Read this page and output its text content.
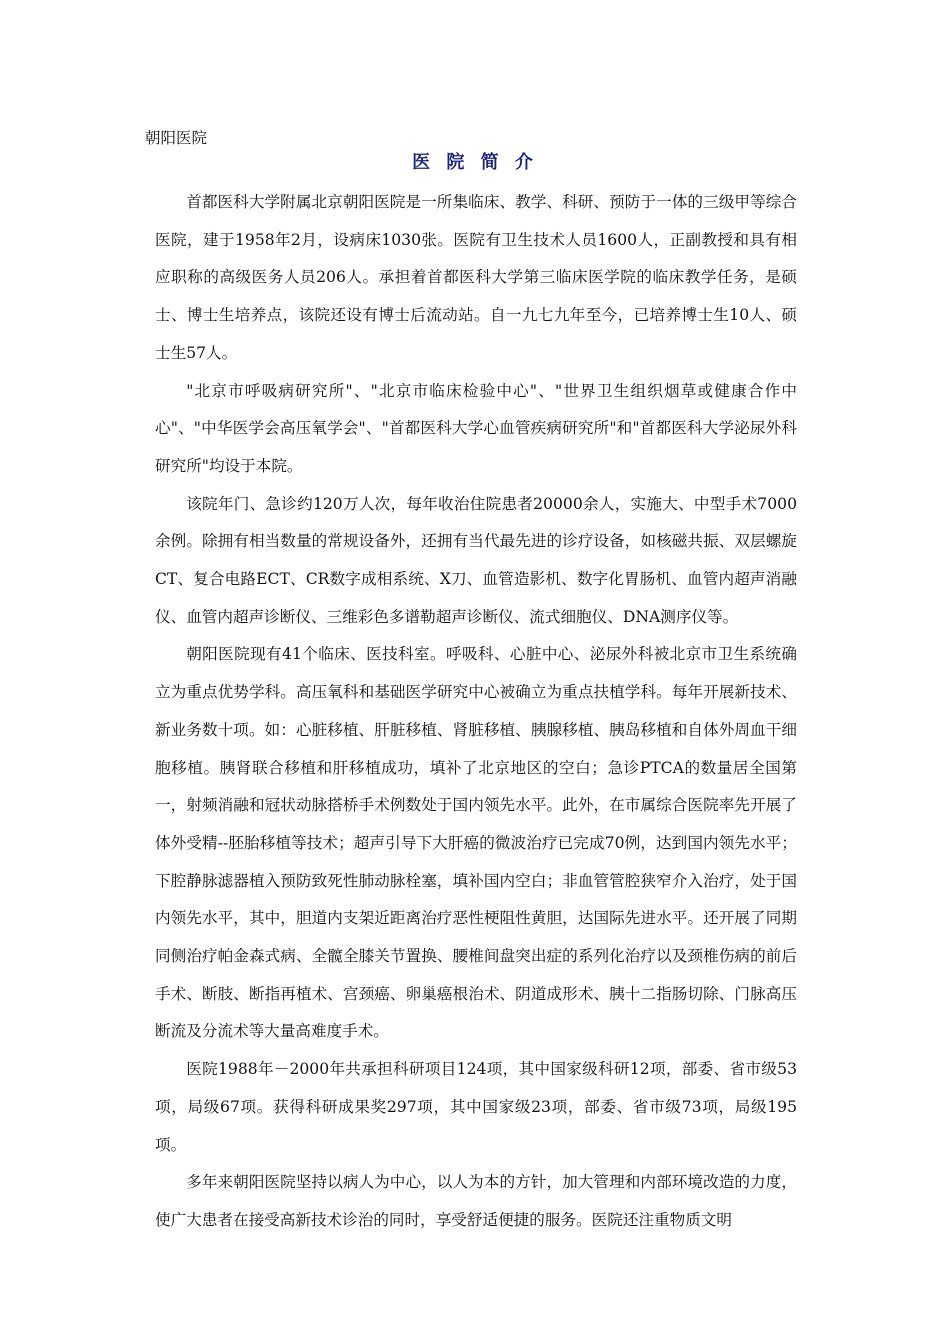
朝阳医院
医 院 简 介

首都医科大学附属北京朝阳医院是一所集临床、教学、科研、预防于一体的三级甲等综合医院，建于1958年2月，设病床1030张。医院有卫生技术人员1600人，正副教授和具有相应职称的高级医务人员206人。承担着首都医科大学第三临床医学院的临床教学任务，是硕士、博士生培养点，该院还设有博士后流动站。自一九七九年至今，已培养博士生10人、硕士生57人。

"北京市呼吸病研究所"、"北京市临床检验中心"、"世界卫生组织烟草或健康合作中心"、"中华医学会高压氧学会"、"首都医科大学心血管疾病研究所"和"首都医科大学泌尿外科研究所"均设于本院。

该院年门、急诊约120万人次，每年收治住院患者20000余人，实施大、中型手术7000余例。除拥有相当数量的常规设备外，还拥有当代最先进的诊疗设备，如核磁共振、双层螺旋CT、复合电路ECT、CR数字成相系统、X刀、血管造影机、数字化胃肠机、血管内超声消融仪、血管内超声诊断仪、三维彩色多谱勒超声诊断仪、流式细胞仪、DNA测序仪等。

朝阳医院现有41个临床、医技科室。呼吸科、心脏中心、泌尿外科被北京市卫生系统确立为重点优势学科。高压氧科和基础医学研究中心被确立为重点扶植学科。每年开展新技术、新业务数十项。如：心脏移植、肝脏移植、肾脏移植、胰腺移植、胰岛移植和自体外周血干细胞移植。胰肾联合移植和肝移植成功，填补了北京地区的空白；急诊PTCA的数量居全国第一，射频消融和冠状动脉搭桥手术例数处于国内领先水平。此外，在市属综合医院率先开展了体外受精--胚胎移植等技术；超声引导下大肝癌的微波治疗已完成70例，达到国内领先水平；下腔静脉滤器植入预防致死性肺动脉栓塞，填补国内空白；非血管管腔狭窄介入治疗，处于国内领先水平，其中，胆道内支架近距离治疗恶性梗阻性黄胆，达国际先进水平。还开展了同期同侧治疗帕金森式病、全髋全膝关节置换、腰椎间盘突出症的系列化治疗以及颈椎伤病的前后手术、断肢、断指再植术、宫颈癌、卵巢癌根治术、阴道成形术、胰十二指肠切除、门脉高压断流及分流术等大量高难度手术。

医院1988年－2000年共承担科研项目124项，其中国家级科研12项，部委、省市级53项，局级67项。获得科研成果奖297项，其中国家级23项，部委、省市级73项，局级195项。

多年来朝阳医院坚持以病人为中心，以人为本的方针，加大管理和内部环境改造的力度，使广大患者在接受高新技术诊治的同时，享受舒适便捷的服务。医院还注重物质文明
